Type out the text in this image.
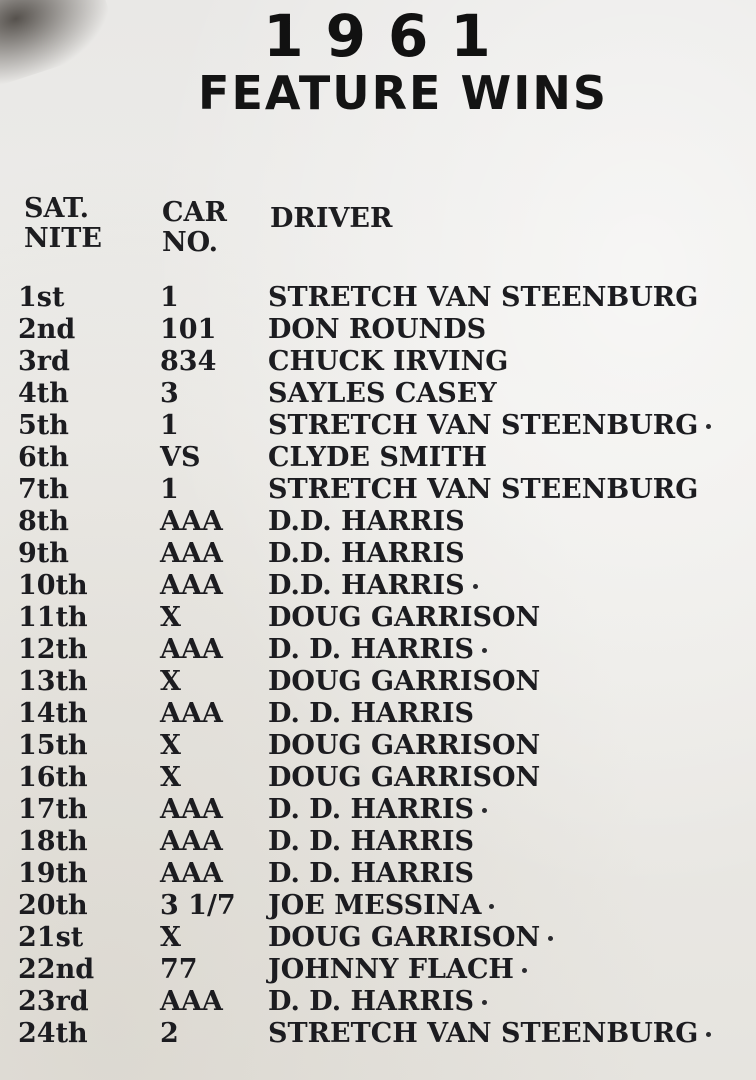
1961
FEATURE WINS
SAT.
NITE
CAR
NO.
DRIVER
1st	1	STRETCH VAN STEENBURG
2nd	101 DON ROUNDS
3rd	834 CHUCK IRVING
4th	3	SAYLES CASEY
5th	1	STRETCH VAN STEENBURG
6th	VS	CLYDE SMITH
7th	1	STRETCH VAN STEENBURG
8th	AAA D.D. HARRIS
9th	AAA D.D. HARRIS
10th	AAA D.D. HARRIS
11th	X	DOUG GARRISON
12th	AAA D. D. HARRIS
13th	X	DOUG GARRISON
14th	AAA D. D. HARRIS
15th	X	DOUG GARRISON
16th	X	DOUG GARRISON
17th	AAA D. D. HARRIS
18th	AAA D. D. HARRIS
19th	AAA D. D. HARRIS
20th	3 1/7 JOE MESSINA
21st	X	DOUG GARRISON
22nd 77	JOHNNY FLACH
23rd	AAA D. D. HARRIS
24th	2	STRETCH VAN STEENBURG
